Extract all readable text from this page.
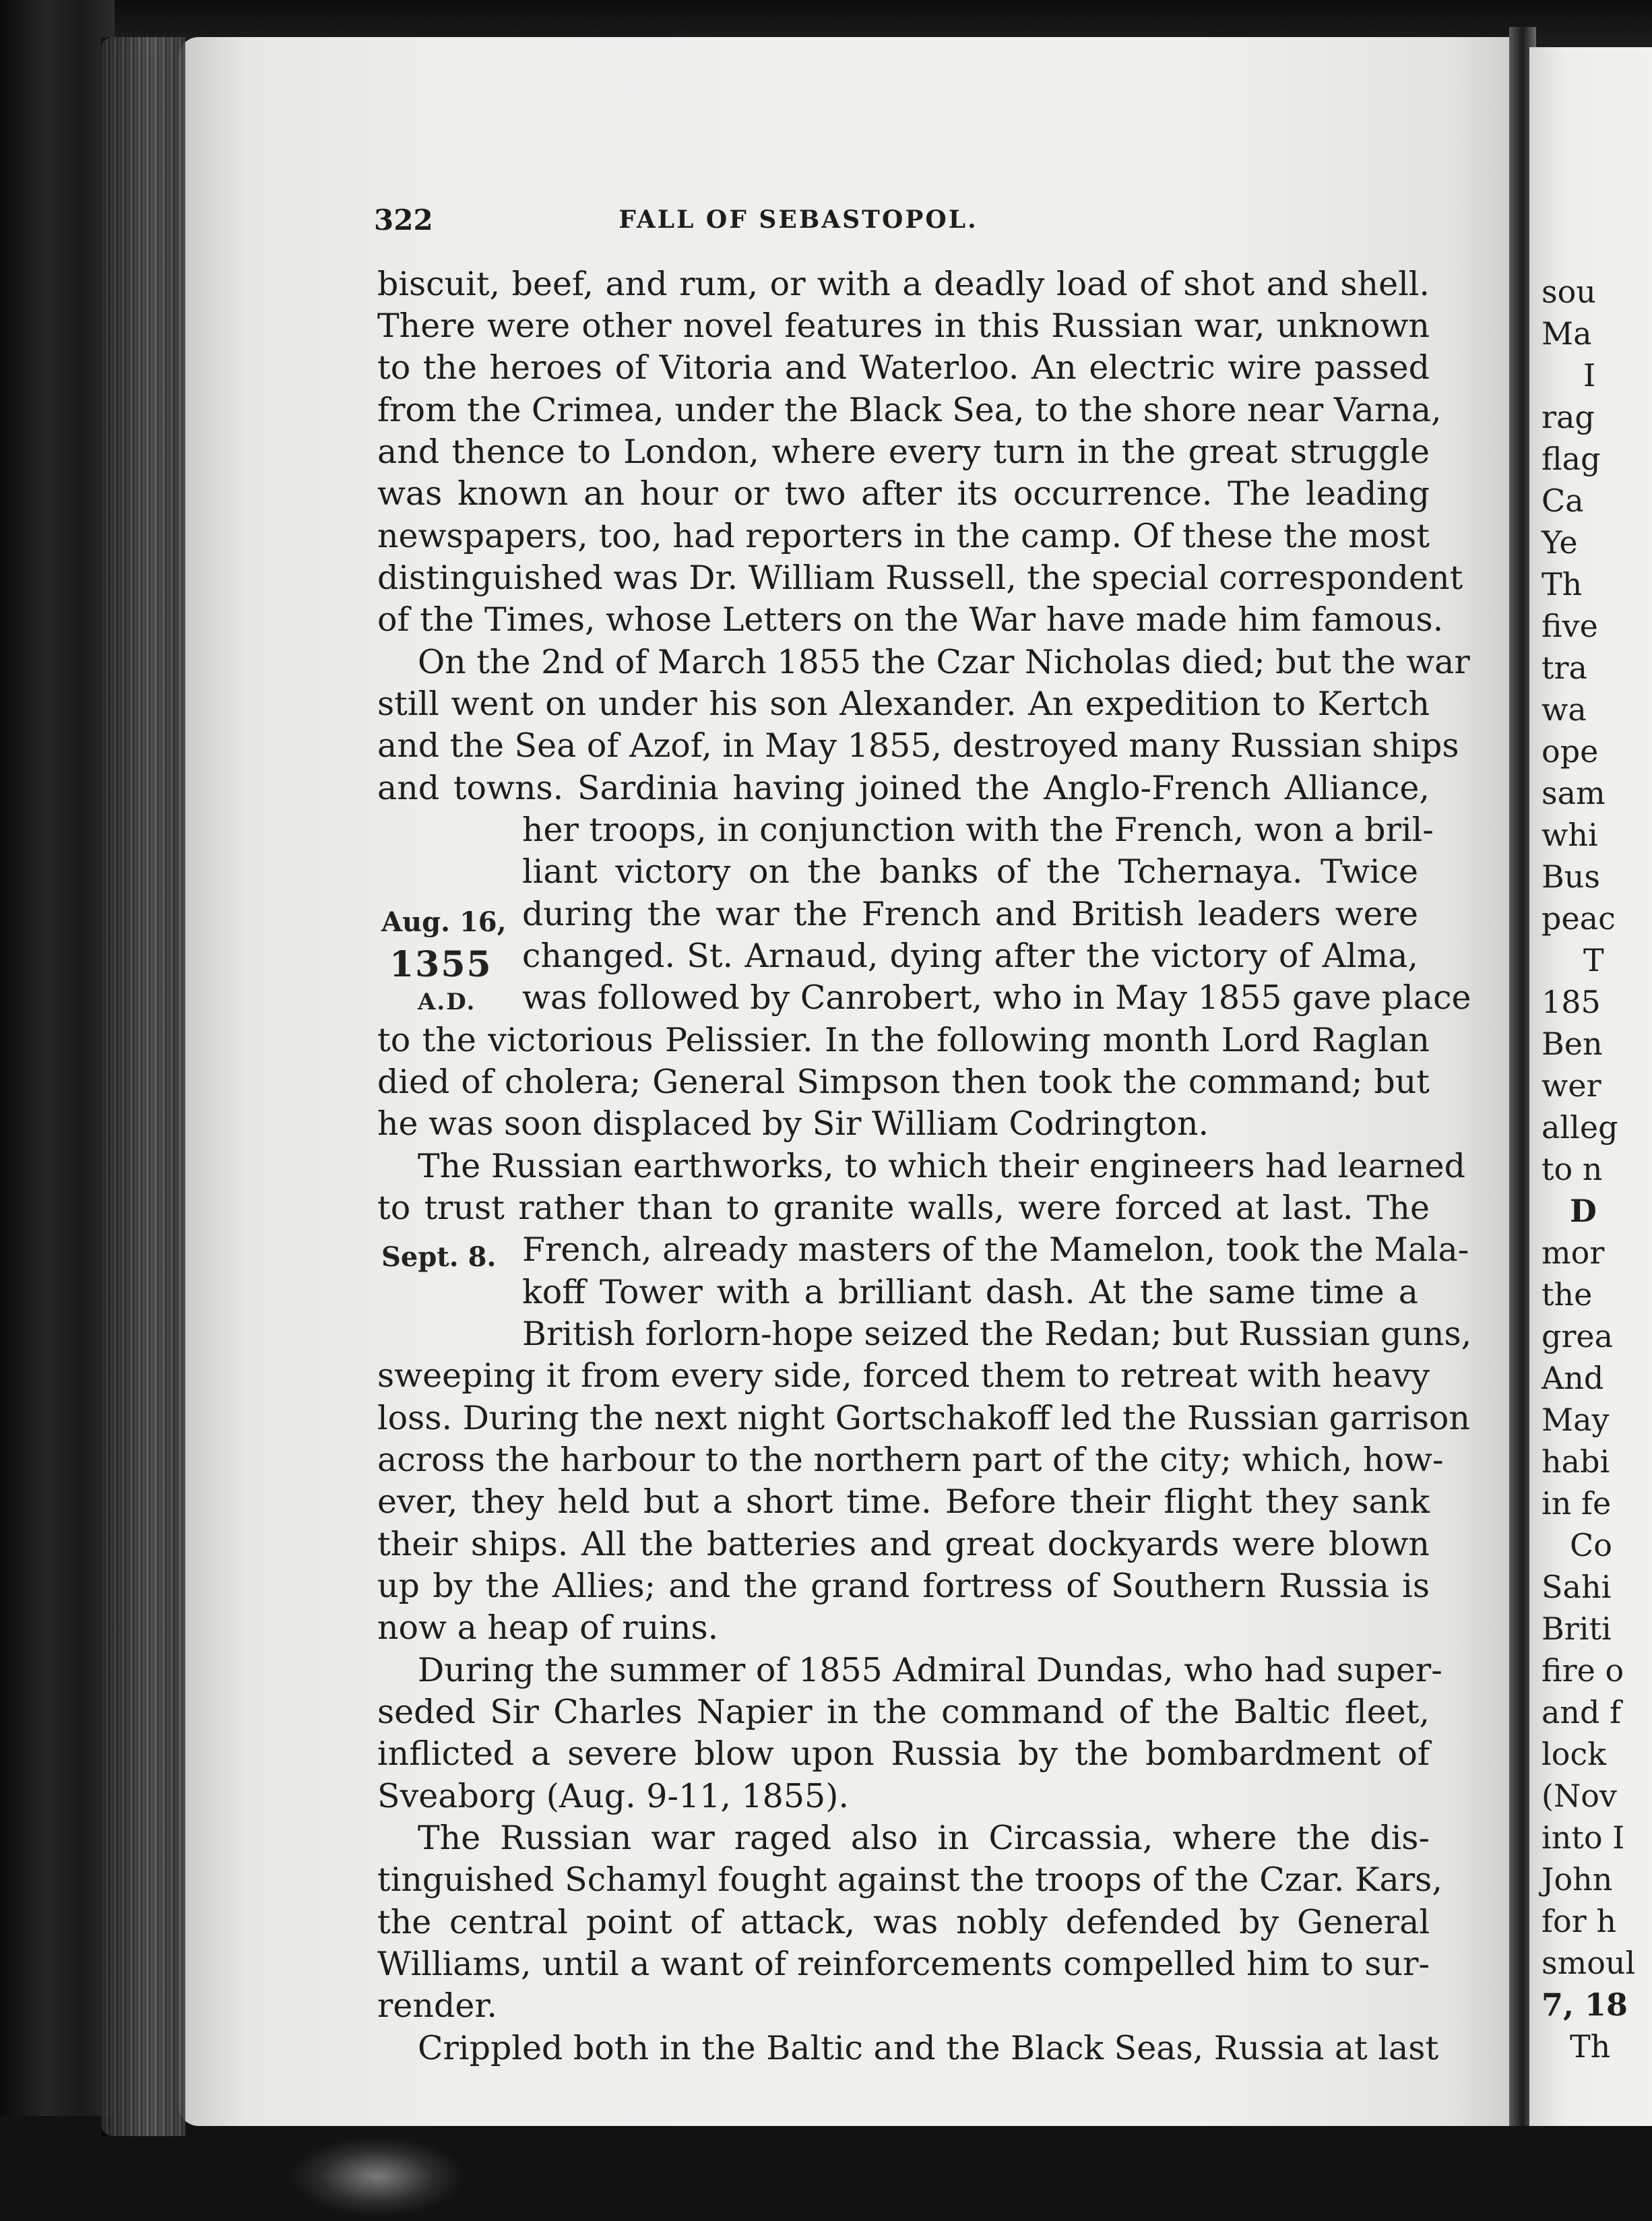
322	FALL OF SEBASTOPOL.
Aug. 16,
1355
A.D.
Sept. 8.
biscuit, beef, and rum, or with a deadly load of shot and shell.
There were other novel features in this Russian war, unknown
to the heroes of Vitoria and Waterloo. An electric wire passed
from the Crimea, under the Black Sea, to the shore near Varna,
and thence to London, where every turn in the great struggle
was known an hour or two after its occurrence. The leading
newspapers, too, had reporters in the camp. Of these the most
distinguished was Dr. William Russell, the special correspondent
of the Times, whose Letters on the War have made him famous.
On the 2nd of March 1855 the Czar Nicholas died; but the war
still went on under his son Alexander. An expedition to Kertch
and the Sea of Azof, in May 1855, destroyed many Russian ships
and towns. Sardinia having joined the Anglo-French Alliance,
her troops, in conjunction with the French, won a bril-
liant victory on the banks of the Tchernaya. Twice
during the war the French and British leaders were
changed. St. Arnaud, dying after the victory of Alma,
was followed by Canrobert, who in May 1855 gave place
to the victorious Pelissier. In the following month Lord Raglan
died of cholera; General Simpson then took the command; but
he was soon displaced by Sir William Codrington.
The Russian earthworks, to which their engineers had learned
to trust rather than to granite walls, were forced at last. The
French, already masters of the Mamelon, took the Mala-
koff Tower with a brilliant dash. At the same time a
British forlorn-hope seized the Redan; but Russian guns,
sweeping it from every side, forced them to retreat with heavy
loss. During the next night Gortschakoff led the Russian garrison
across the harbour to the northern part of the city; which, how-
ever, they held but a short time. Before their flight they sank
their ships. All the batteries and great dockyards were blown
up by the Allies; and the grand fortress of Southern Russia is
now a heap of ruins.
During the summer of 1855 Admiral Dundas, who had super-
seded Sir Charles Napier in the command of the Baltic fleet,
inflicted a severe blow upon Russia by the bombardment of
Sveaborg (Aug. 9-11, 1855).
The Russian war raged also in Circassia, where the dis-
tinguished Schamyl fought against the troops of the Czar. Kars,
the central point of attack, was nobly defended by General
Williams, until a want of reinforcements compelled him to sur-
render.
Crippled both in the Baltic and the Black Seas, Russia at last
sou
Ma
I
rag
flag
Ca
Ye
Th
five
tra
wa
ope
sam
whi
Bus
peac
T
185
Ben
wer
alleg
to n
D
mor
the
grea
And
May
habi
in fe
Co
Sahi
Briti
fire o
and f
lock
(Nov
into I
John
for h
smoul
7, 18
Th
